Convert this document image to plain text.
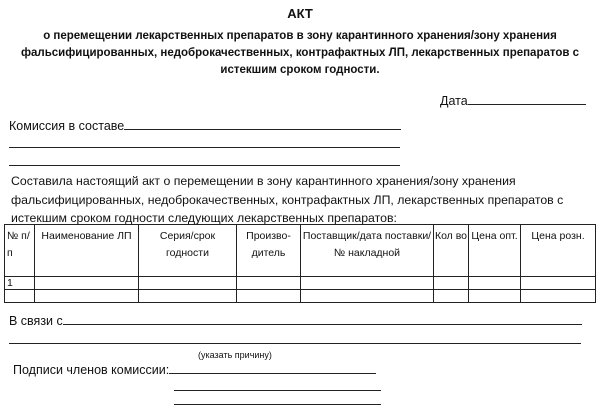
АКТ
о перемещении лекарственных препаратов в зону карантинного хранения/зону хранения фальсифицированных, недоброкачественных, контрафактных ЛП, лекарственных препаратов с истекшим сроком годности.
Дата
Комиссия в составе
Составила настоящий акт о перемещении в зону карантинного хранения/зону хранения фальсифицированных, недоброкачественных, контрафактных ЛП, лекарственных препаратов с истекшим сроком годности следующих лекарственных препаратов:
№ п/п	Наименование ЛП	Серия/срок годности	Произво-дитель	Поставщик/дата поставки/№ накладной	Кол во	Цена опт.	Цена розн.
1							

В связи с
(указать причину)
Подписи членов комиссии:
